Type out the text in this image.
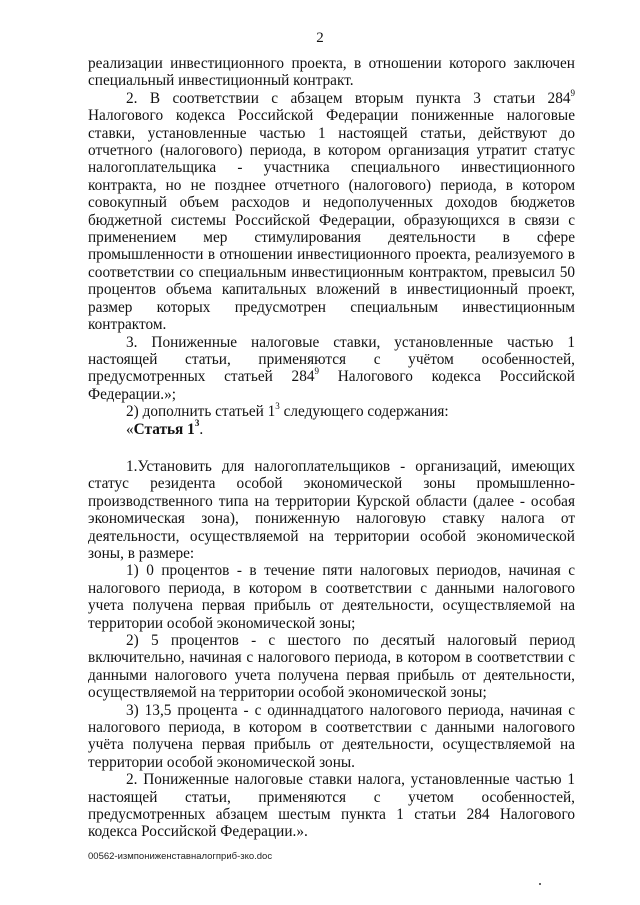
2

реализации инвестиционного проекта, в отношении которого заключен специальный инвестиционный контракт.

2. В соответствии с абзацем вторым пункта 3 статьи $284^9$ Налогового кодекса Российской Федерации пониженные налоговые ставки, установленные частью 1 настоящей статьи, действуют до отчетного (налогового) периода, в котором организация утратит статус налогоплательщика - участника специального инвестиционного контракта, но не позднее отчетного (налогового) периода, в котором совокупный объем расходов и недополученных доходов бюджетов бюджетной системы Российской Федерации, образующихся в связи с применением мер стимулирования деятельности в сфере промышленности в отношении инвестиционного проекта, реализуемого в соответствии со специальным инвестиционным контрактом, превысил 50 процентов объема капитальных вложений в инвестиционный проект, размер которых предусмотрен специальным инвестиционным контрактом.

3. Пониженные налоговые ставки, установленные частью 1 настоящей статьи, применяются с учётом особенностей, предусмотренных статьей $284^9$ Налогового кодекса Российской Федерации.»;

2) дополнить статьей $1^3$ следующего содержания:

«Статья $1^3$.

1.Установить для налогоплательщиков - организаций, имеющих статус резидента особой экономической зоны промышленно-производственного типа на территории Курской области (далее - особая экономическая зона), пониженную налоговую ставку налога от деятельности, осуществляемой на территории особой экономической зоны, в размере:

1) 0 процентов - в течение пяти налоговых периодов, начиная с налогового периода, в котором в соответствии с данными налогового учета получена первая прибыль от деятельности, осуществляемой на территории особой экономической зоны;

2) 5 процентов - с шестого по десятый налоговый период включительно, начиная с налогового периода, в котором в соответствии с данными налогового учета получена первая прибыль от деятельности, осуществляемой на территории особой экономической зоны;

3) 13,5 процента - с одиннадцатого налогового периода, начиная с налогового периода, в котором в соответствии с данными налогового учёта получена первая прибыль от деятельности, осуществляемой на территории особой экономической зоны.

2. Пониженные налоговые ставки налога, установленные частью 1 настоящей статьи, применяются с учетом особенностей, предусмотренных абзацем шестым пункта 1 статьи 284 Налогового кодекса Российской Федерации.».

00562-измпониженставналогприб-зко.doc
